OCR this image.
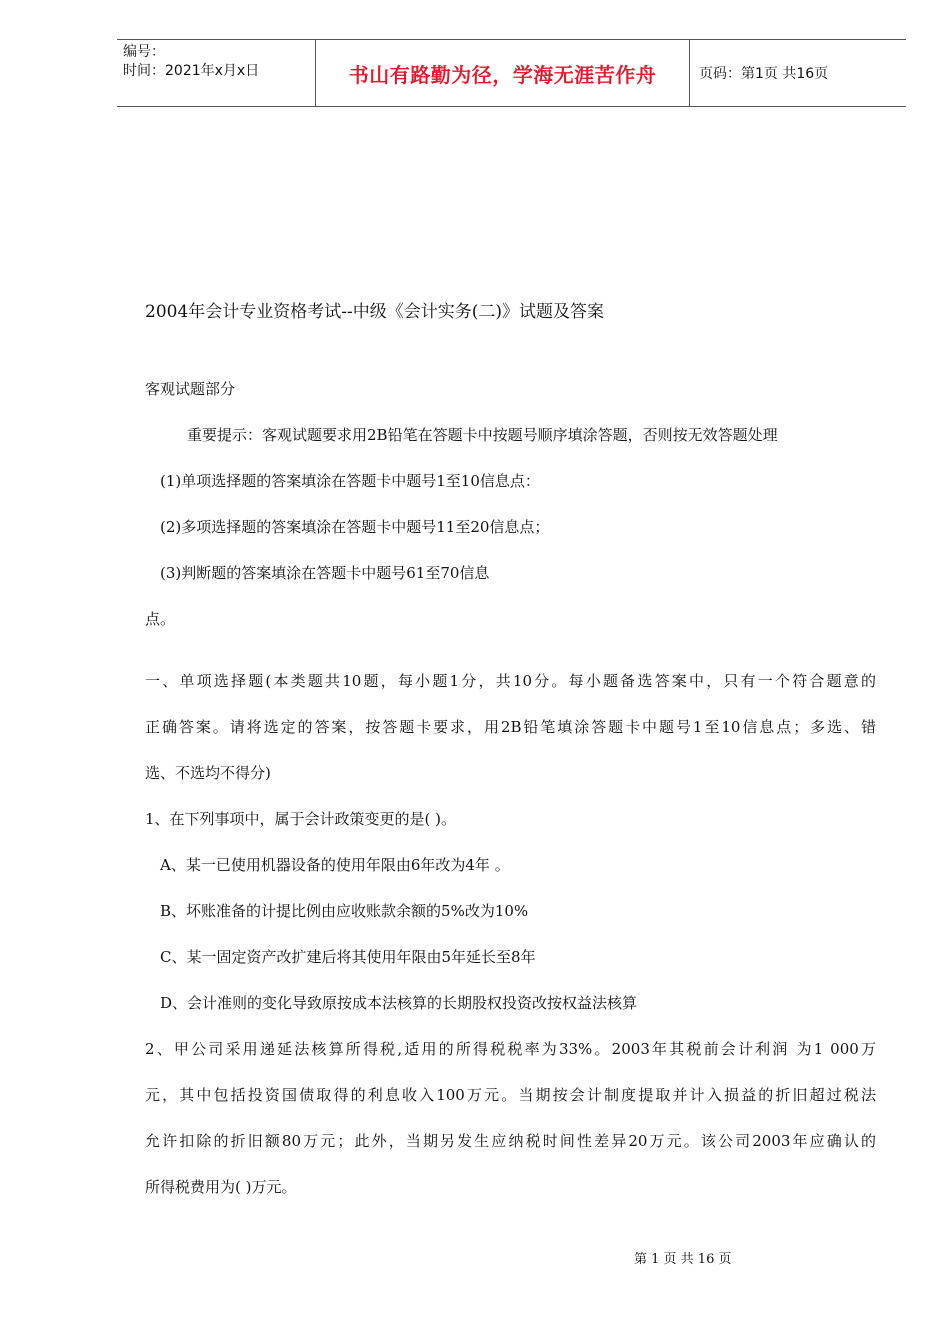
编号：
时间：2021年x月x日	书山有路勤为径，学海无涯苦作舟	页码：第1页 共16页
2004年会计专业资格考试--中级《会计实务(二)》试题及答案
客观试题部分
重要提示：客观试题要求用2B铅笔在答题卡中按题号顺序填涂答题，否则按无效答题处理
(1)单项选择题的答案填涂在答题卡中题号1至10信息点：
(2)多项选择题的答案填涂在答题卡中题号11至20信息点；
(3)判断题的答案填涂在答题卡中题号61至70信息
点。
一、单项选择题(本类题共10题，每小题1分，共10分。每小题备选答案中，只有一个符合题意的
正确答案。请将选定的答案，按答题卡要求，用2B铅笔填涂答题卡中题号1至10信息点；多选、错
选、不选均不得分)
1、在下列事项中，属于会计政策变更的是( )。
A、某一已使用机器设备的使用年限由6年改为4年 。
B、坏账准备的计提比例由应收账款余额的5%改为10%
C、某一固定资产改扩建后将其使用年限由5年延长至8年
D、会计准则的变化导致原按成本法核算的长期股权投资改按权益法核算
2、甲公司采用递延法核算所得税,适用的所得税税率为33%。2003年其税前会计利润 为1 000万
元，其中包括投资国债取得的利息收入100万元。当期按会计制度提取并计入损益的折旧超过税法
允许扣除的折旧额80万元；此外，当期另发生应纳税时间性差异20万元。该公司2003年应确认的
所得税费用为( )万元。
第 1 页 共 16 页
